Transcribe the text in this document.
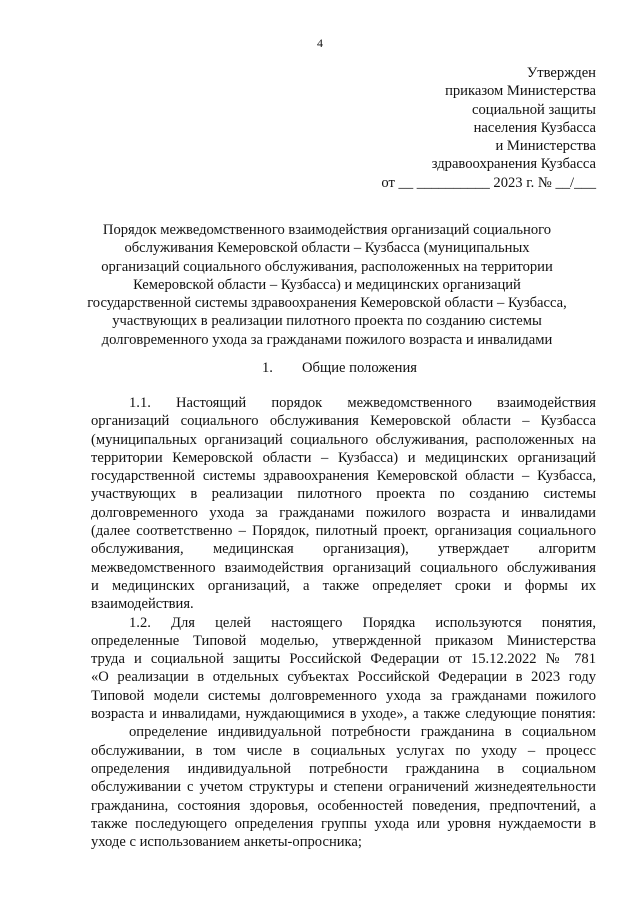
4
Утвержден
приказом Министерства
социальной защиты
населения Кузбасса
и Министерства
здравоохранения Кузбасса
от __ __________ 2023 г. № __/___
Порядок межведомственного взаимодействия организаций социального
обслуживания Кемеровской области – Кузбасса (муниципальных
организаций социального обслуживания, расположенных на территории
Кемеровской области – Кузбасса) и медицинских организаций
государственной системы здравоохранения Кемеровской области – Кузбасса,
участвующих в реализации пилотного проекта по созданию системы
долговременного ухода за гражданами пожилого возраста и инвалидами
1. Общие положения
1.1. Настоящий порядок межведомственного взаимодействия
организаций социального обслуживания Кемеровской области – Кузбасса
(муниципальных организаций социального обслуживания, расположенных на
территории Кемеровской области – Кузбасса) и медицинских организаций
государственной системы здравоохранения Кемеровской области – Кузбасса,
участвующих в реализации пилотного проекта по созданию системы
долговременного ухода за гражданами пожилого возраста и инвалидами
(далее соответственно – Порядок, пилотный проект, организация социального
обслуживания, медицинская организация), утверждает алгоритм
межведомственного взаимодействия организаций социального обслуживания
и медицинских организаций, а также определяет сроки и формы их
взаимодействия.
1.2. Для целей настоящего Порядка используются понятия,
определенные Типовой моделью, утвержденной приказом Министерства
труда и социальной защиты Российской Федерации от 15.12.2022 № 781
«О реализации в отдельных субъектах Российской Федерации в 2023 году
Типовой модели системы долговременного ухода за гражданами пожилого
возраста и инвалидами, нуждающимися в уходе», а также следующие понятия:
определение индивидуальной потребности гражданина в социальном
обслуживании, в том числе в социальных услугах по уходу – процесс
определения индивидуальной потребности гражданина в социальном
обслуживании с учетом структуры и степени ограничений жизнедеятельности
гражданина, состояния здоровья, особенностей поведения, предпочтений, а
также последующего определения группы ухода или уровня нуждаемости в
уходе с использованием анкеты-опросника;
